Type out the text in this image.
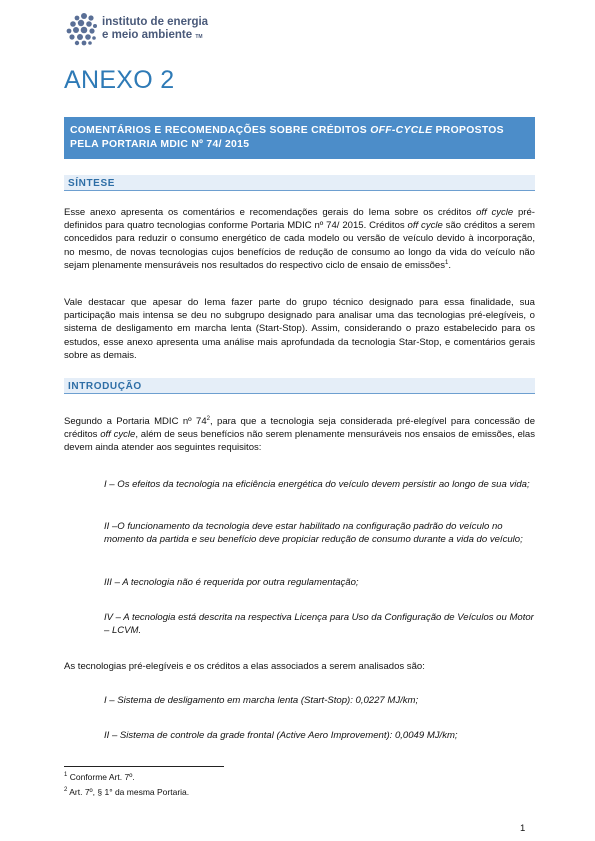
instituto de energia
e meio ambiente TM
ANEXO 2
COMENTÁRIOS E RECOMENDAÇÕES SOBRE CRÉDITOS OFF-CYCLE PROPOSTOS PELA PORTARIA MDIC Nº 74/ 2015
SÍNTESE
Esse anexo apresenta os comentários e recomendações gerais do Iema sobre os créditos off cycle pré-definidos para quatro tecnologias conforme Portaria MDIC nº 74/ 2015. Créditos off cycle são créditos a serem concedidos para reduzir o consumo energético de cada modelo ou versão de veículo devido à incorporação, no mesmo, de novas tecnologias cujos benefícios de redução de consumo ao longo da vida do veículo não sejam plenamente mensuráveis nos resultados do respectivo ciclo de ensaio de emissões$^1$.
Vale destacar que apesar do Iema fazer parte do grupo técnico designado para essa finalidade, sua participação mais intensa se deu no subgrupo designado para analisar uma das tecnologias pré-elegíveis, o sistema de desligamento em marcha lenta (Start-Stop). Assim, considerando o prazo estabelecido para os estudos, esse anexo apresenta uma análise mais aprofundada da tecnologia Star-Stop, e comentários gerais sobre as demais.
INTRODUÇÃO
Segundo a Portaria MDIC nº $74^2$, para que a tecnologia seja considerada pré-elegível para concessão de créditos off cycle, além de seus benefícios não serem plenamente mensuráveis nos ensaios de emissões, elas devem ainda atender aos seguintes requisitos:
I – Os efeitos da tecnologia na eficiência energética do veículo devem persistir ao longo de sua vida;
II –O funcionamento da tecnologia deve estar habilitado na configuração padrão do veículo no momento da partida e seu benefício deve propiciar redução de consumo durante a vida do veículo;
III – A tecnologia não é requerida por outra regulamentação;
IV – A tecnologia está descrita na respectiva Licença para Uso da Configuração de Veículos ou Motor – LCVM.
As tecnologias pré-elegíveis e os créditos a elas associados a serem analisados são:
I – Sistema de desligamento em marcha lenta (Start-Stop): 0,0227 MJ/km;
II – Sistema de controle da grade frontal (Active Aero Improvement): 0,0049 MJ/km;
$^1$ Conforme Art. 7º.
$^2$ Art. 7º, § 1° da mesma Portaria.
1
